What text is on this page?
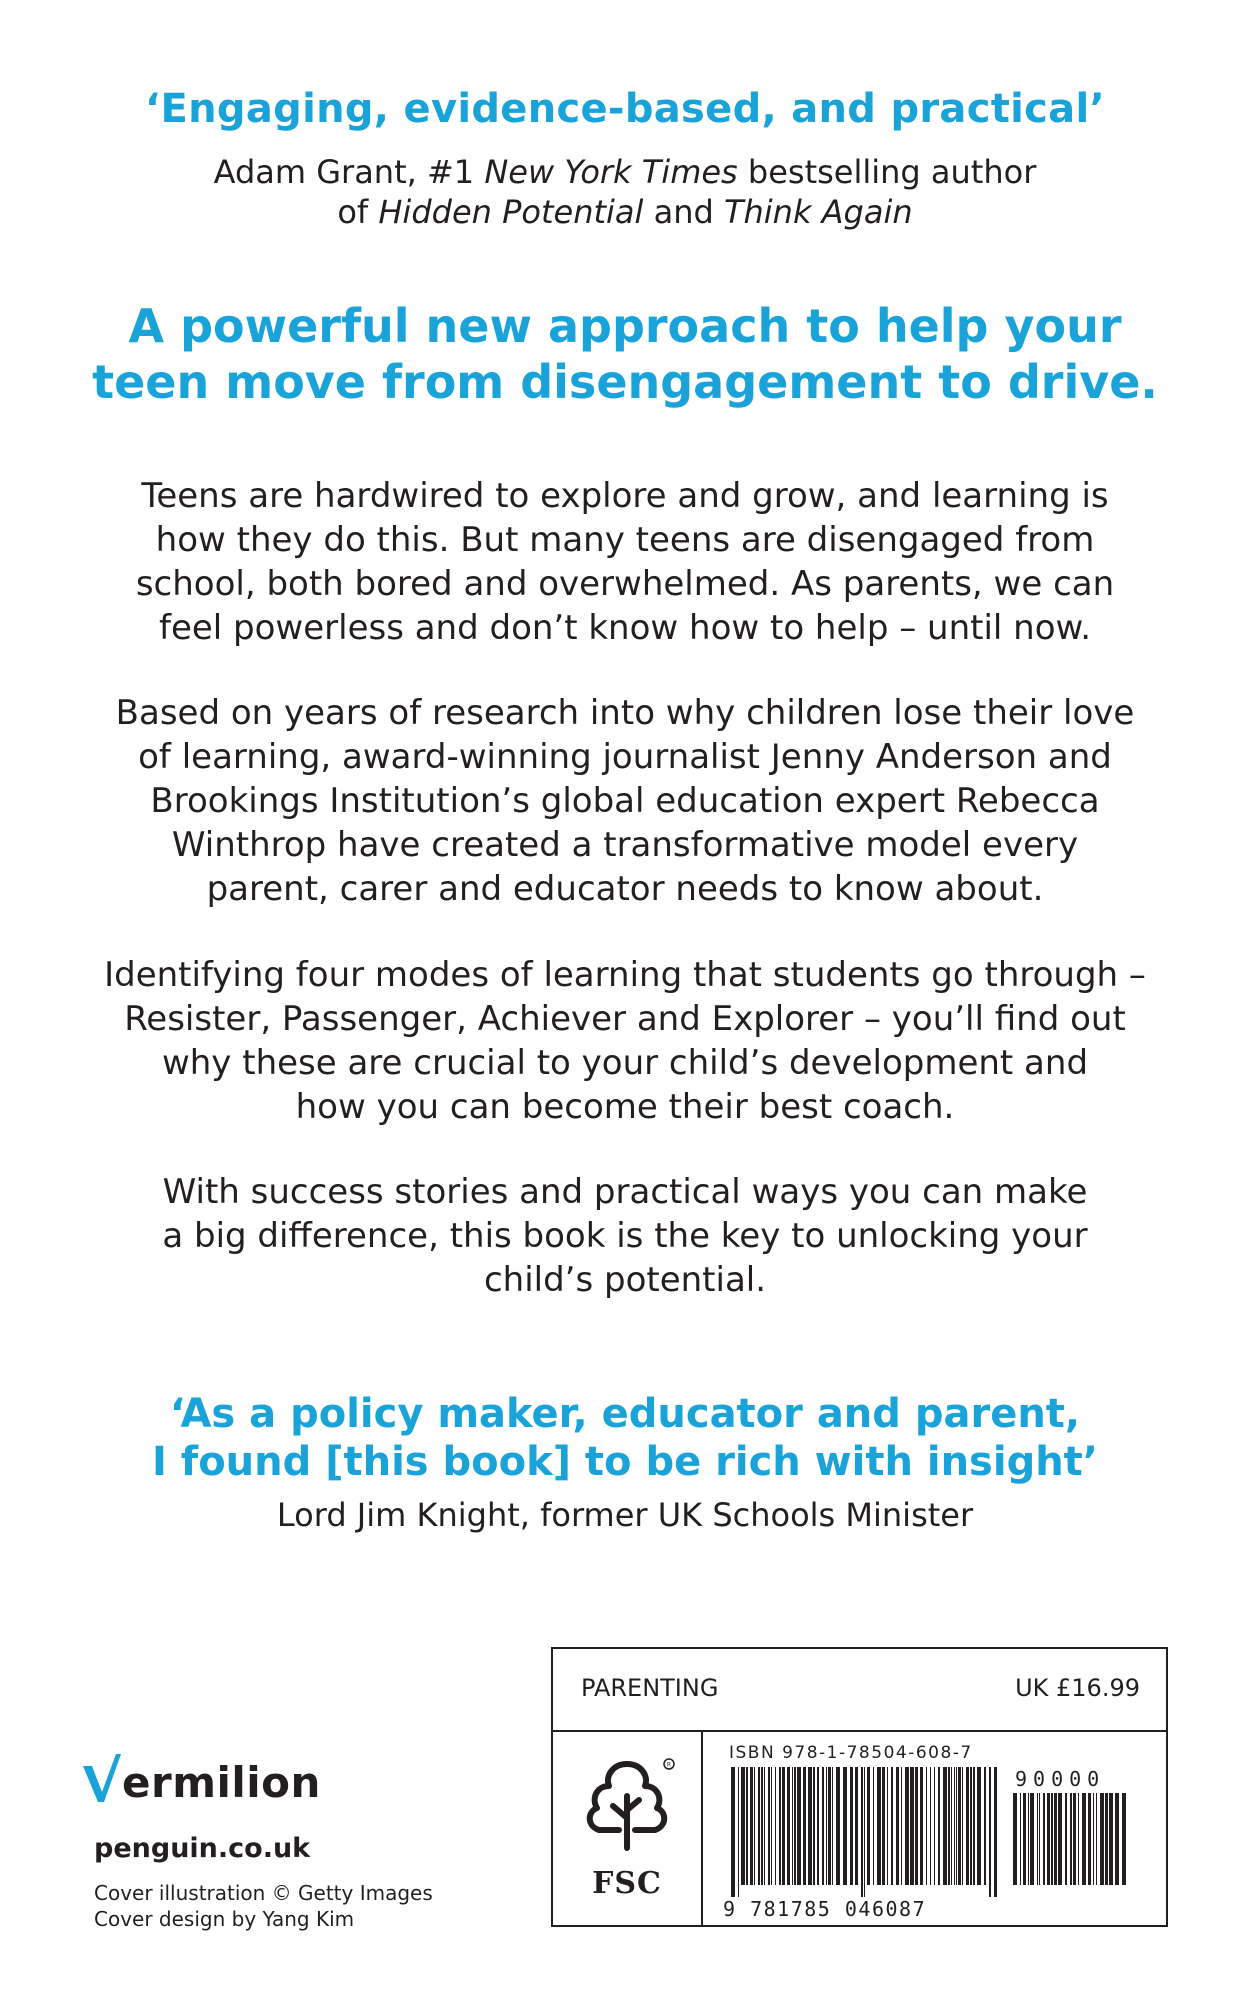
‘Engaging, evidence-based, and practical’
Adam Grant, #1 New York Times bestselling author
of Hidden Potential and Think Again
A powerful new approach to help your
teen move from disengagement to drive.
Teens are hardwired to explore and grow, and learning is
how they do this. But many teens are disengaged from
school, both bored and overwhelmed. As parents, we can
feel powerless and don’t know how to help – until now.
Based on years of research into why children lose their love
of learning, award-winning journalist Jenny Anderson and
Brookings Institution’s global education expert Rebecca
Winthrop have created a transformative model every
parent, carer and educator needs to know about.
Identifying four modes of learning that students go through –
Resister, Passenger, Achiever and Explorer – you’ll find out
why these are crucial to your child’s development and
how you can become their best coach.
With success stories and practical ways you can make
a big difference, this book is the key to unlocking your
child’s potential.
‘As a policy maker, educator and parent,
I found [this book] to be rich with insight’
Lord Jim Knight, former UK Schools Minister
ermilion
penguin.co.uk
Cover illustration © Getty Images
Cover design by Yang Kim
PARENTING	UK £16.99
R
FSC
ISBN 978-1-78504-608-7
90000
9 781785 046087
